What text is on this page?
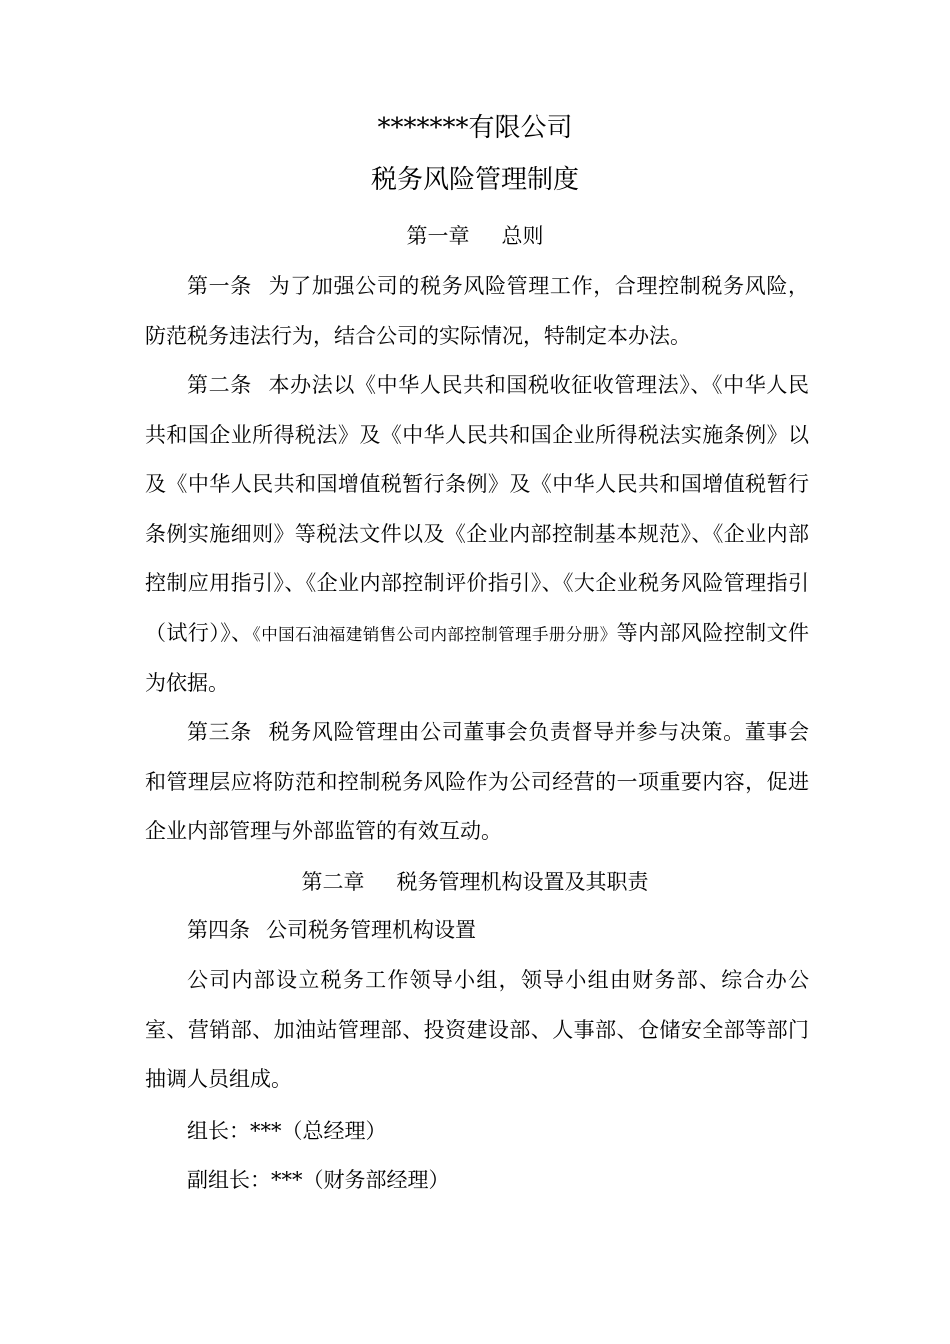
*******有限公司
税务风险管理制度
第一章 总则
第一条 为了加强公司的税务风险管理工作，合理控制税务风险，防范税务违法行为，结合公司的实际情况，特制定本办法。
第二条 本办法以《中华人民共和国税收征收管理法》、《中华人民共和国企业所得税法》及《中华人民共和国企业所得税法实施条例》以及《中华人民共和国增值税暂行条例》及《中华人民共和国增值税暂行条例实施细则》等税法文件以及《企业内部控制基本规范》、《企业内部控制应用指引》、《企业内部控制评价指引》、《大企业税务风险管理指引（试行）》、《中国石油福建销售公司内部控制管理手册分册》等内部风险控制文件为依据。
第三条 税务风险管理由公司董事会负责督导并参与决策。董事会和管理层应将防范和控制税务风险作为公司经营的一项重要内容，促进企业内部管理与外部监管的有效互动。
第二章 税务管理机构设置及其职责
第四条 公司税务管理机构设置
公司内部设立税务工作领导小组，领导小组由财务部、综合办公室、营销部、加油站管理部、投资建设部、人事部、仓储安全部等部门抽调人员组成。
组长：***（总经理）
副组长：***（财务部经理）
